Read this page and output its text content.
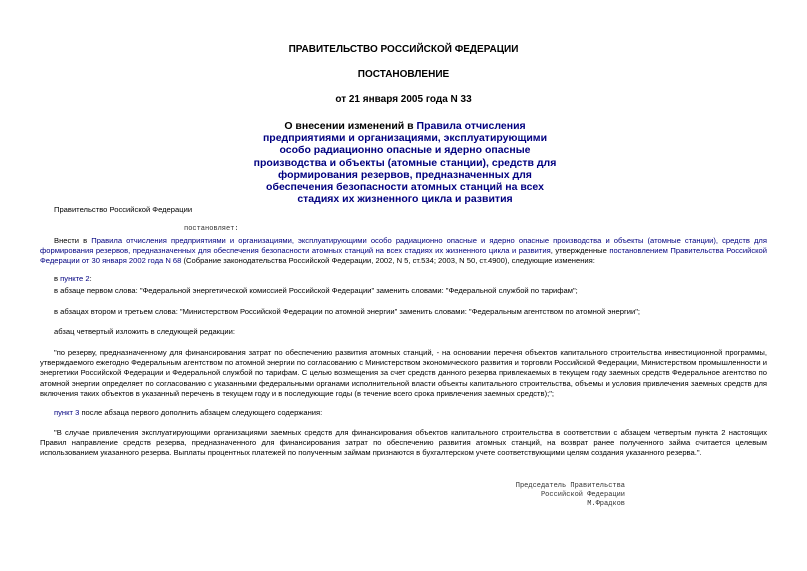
ПРАВИТЕЛЬСТВО РОССИЙСКОЙ ФЕДЕРАЦИИ
ПОСТАНОВЛЕНИЕ
от 21 января 2005 года N 33
О внесении изменений в Правила отчисления предприятиями и организациями, эксплуатирующими особо радиационно опасные и ядерно опасные производства и объекты (атомные станции), средств для формирования резервов, предназначенных для обеспечения безопасности атомных станций на всех стадиях их жизненного цикла и развития
Правительство Российской Федерации
постановляет:
Внести в Правила отчисления предприятиями и организациями, эксплуатирующими особо радиационно опасные и ядерно опасные производства и объекты (атомные станции), средств для формирования резервов, предназначенных для обеспечения безопасности атомных станций на всех стадиях их жизненного цикла и развития, утвержденные постановлением Правительства Российской Федерации от 30 января 2002 года N 68 (Собрание законодательства Российской Федерации, 2002, N 5, ст.534; 2003, N 50, ст.4900), следующие изменения:
в пункте 2:
в абзаце первом слова: "Федеральной энергетической комиссией Российской Федерации" заменить словами: "Федеральной службой по тарифам";
в абзацах втором и третьем слова: "Министерством Российской Федерации по атомной энергии" заменить словами: "Федеральным агентством по атомной энергии";
абзац четвертый изложить в следующей редакции:
"по резерву, предназначенному для финансирования затрат по обеспечению развития атомных станций, - на основании перечня объектов капитального строительства инвестиционной программы, утверждаемого ежегодно Федеральным агентством по атомной энергии по согласованию с Министерством экономического развития и торговли Российской Федерации, Министерством промышленности и энергетики Российской Федерации и Федеральной службой по тарифам. С целью возмещения за счет средств данного резерва привлекаемых в текущем году заемных средств Федеральное агентство по атомной энергии определяет по согласованию с указанными федеральными органами исполнительной власти объекты капитального строительства, объемы и условия привлечения заемных средств для включения таких объектов в указанный перечень в текущем году и в последующие годы (в течение всего срока привлечения заемных средств);";
пункт 3 после абзаца первого дополнить абзацем следующего содержания:
"В случае привлечения эксплуатирующими организациями заемных средств для финансирования объектов капитального строительства в соответствии с абзацем четвертым пункта 2 настоящих Правил направление средств резерва, предназначенного для финансирования затрат по обеспечению развития атомных станций, на возврат ранее полученного займа считается целевым использованием указанного резерва. Выплаты процентных платежей по полученным займам признаются в бухгалтерском учете соответствующими целям создания указанного резерва.".
Председатель Правительства
Российской Федерации
М.Фрадков
